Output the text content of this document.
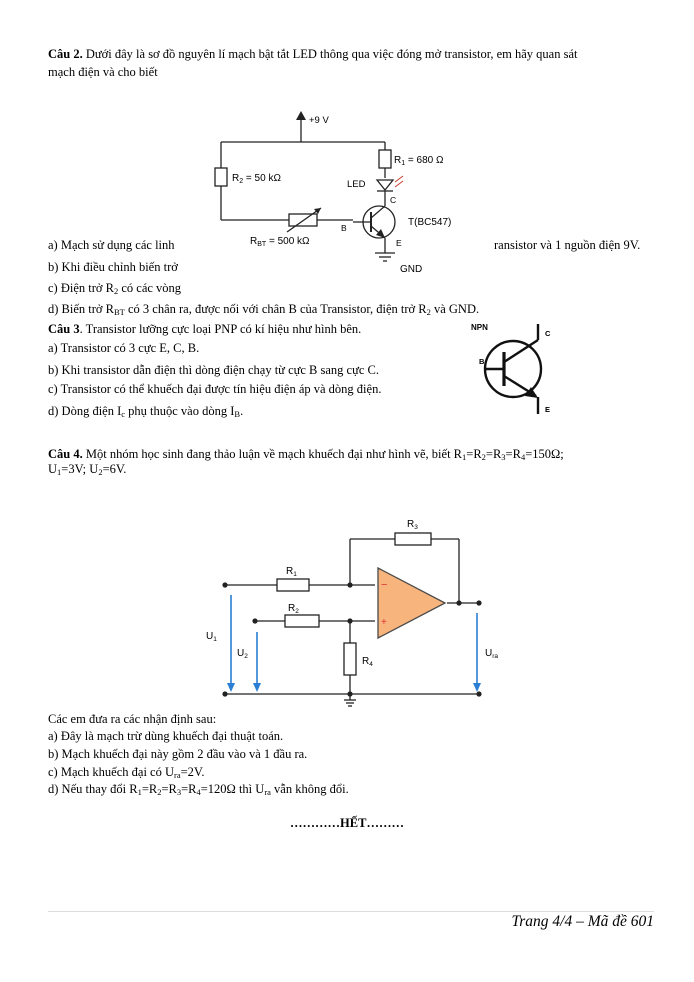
Câu 2. Dưới đây là sơ đồ nguyên lí mạch bật tắt LED thông qua việc đóng mở transistor, em hãy quan sát
mạch điện và cho biết
+9 V
$R_1 = 680$ Ω
$R_2 = 50$ kΩ
LED
C
B
E
T(BC547)
$R_{BT} = 500$ kΩ
GND
a) Mạch sử dụng các linh	ransistor và 1 nguồn điện 9V.
b) Khi điều chỉnh biến trở
c) Điện trở $R_2$ có các vòng
d) Biến trở $R_{BT}$ có 3 chân ra, được nối với chân B của Transistor, điện trở $R_2$ và GND.
Câu 3. Transistor lưỡng cực loại PNP có kí hiệu như hình bên.
a) Transistor có 3 cực E, C, B.
b) Khi transistor dẫn điện thì dòng điện chạy từ cực B sang cực C.
c) Transistor có thể khuếch đại được tín hiệu điện áp và dòng điện.
d) Dòng điện $I_c$ phụ thuộc vào dòng $I_B$.
NPN
C
B
E
Câu 4. Một nhóm học sinh đang thảo luận về mạch khuếch đại như hình vẽ, biết $R_1=R_2=R_3=R_4=150\Omega$;
$U_1=3V$; $U_2=6V$.
$R_3$
$R_1$
$R_2$
$R_4$
$U_1$
$U_2$	$U_{ra}$
−
+
Các em đưa ra các nhận định sau:
a) Đây là mạch trừ dùng khuếch đại thuật toán.
b) Mạch khuếch đại này gồm 2 đầu vào và 1 đầu ra.
c) Mạch khuếch đại có $U_{ra}=2V$.
d) Nếu thay đổi $R_1=R_2=R_3=R_4=120\Omega$ thì $U_{ra}$ vẫn không đổi.
…………HẾT………
Trang 4/4 – Mã đề 601
